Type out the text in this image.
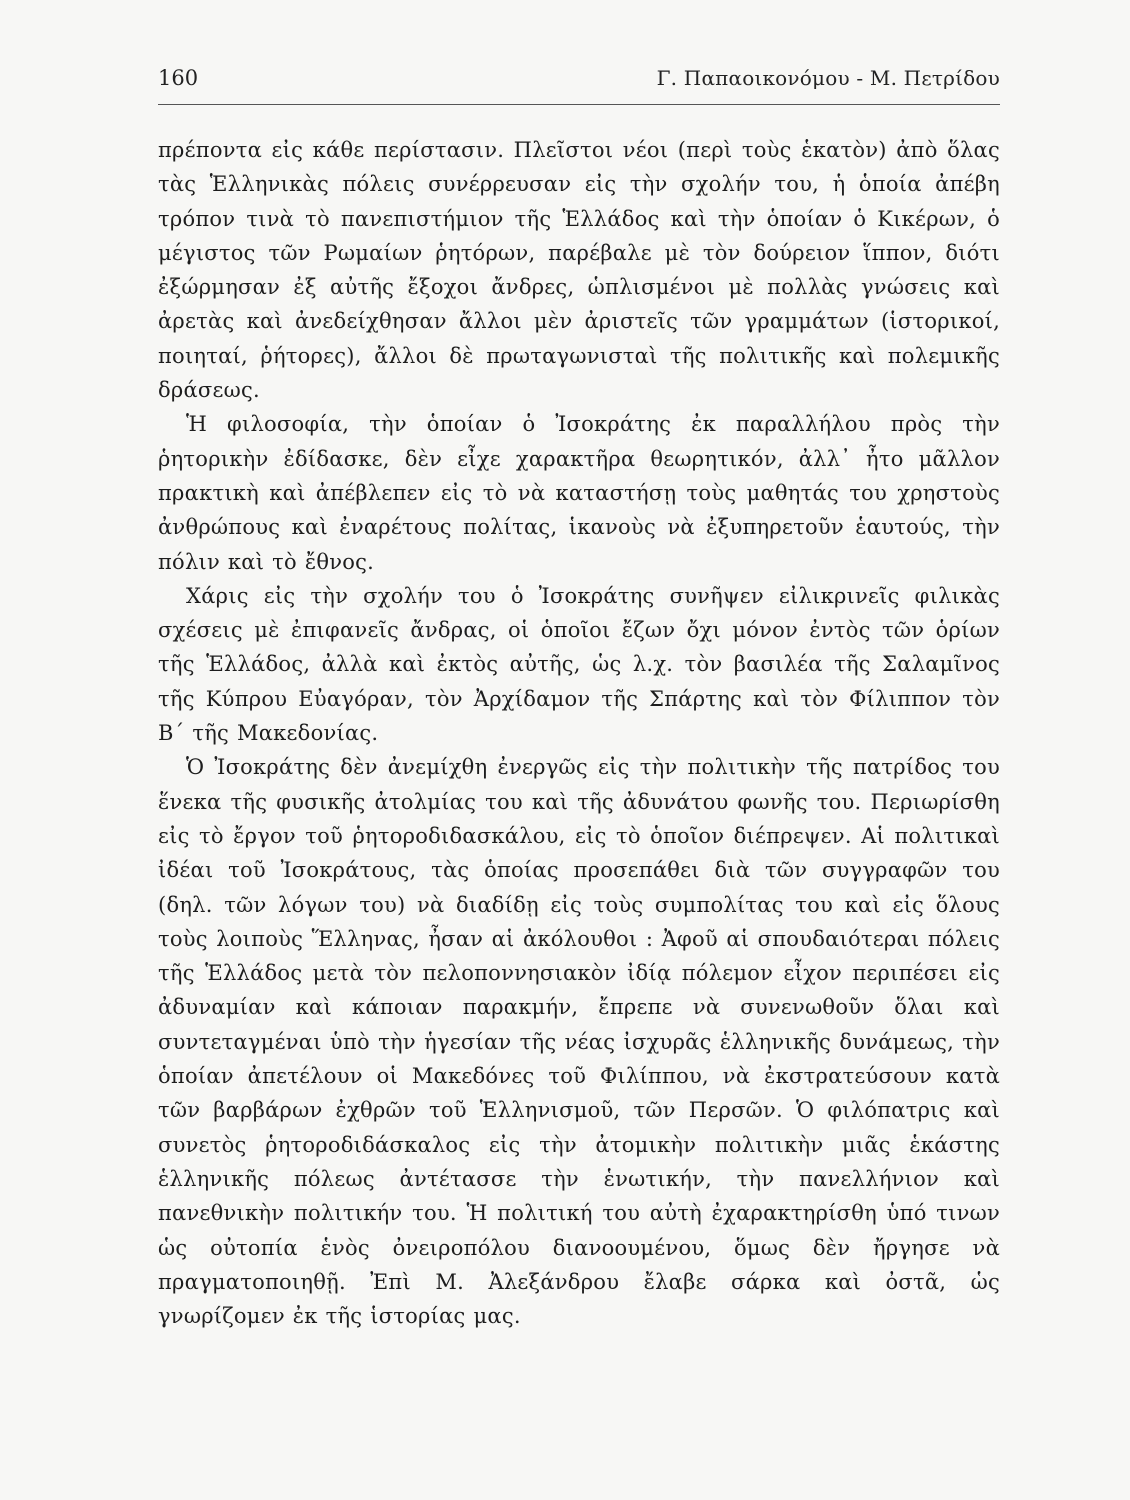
160	Γ. Παπαοικονόμου - Μ. Πετρίδου

πρέποντα εἰς κάθε περίστασιν. Πλεῖστοι νέοι (περὶ τοὺς ἑκατὸν) ἀπὸ ὅλας τὰς Ἑλληνικὰς πόλεις συνέρρευσαν εἰς τὴν σχολήν του, ἡ ὁποία ἀπέβη τρόπον τινὰ τὸ πανεπιστήμιον τῆς Ἑλλάδος καὶ τὴν ὁποίαν ὁ Κικέρων, ὁ μέγιστος τῶν Ρωμαίων ῥητόρων, παρέβαλε μὲ τὸν δούρειον ἵππον, διότι ἐξώρμησαν ἐξ αὐτῆς ἔξοχοι ἄνδρες, ὡπλισμένοι μὲ πολλὰς γνώσεις καὶ ἀρετὰς καὶ ἀνεδείχθησαν ἄλλοι μὲν ἀριστεῖς τῶν γραμμάτων (ἱστορικοί, ποιηταί, ῥήτορες), ἄλλοι δὲ πρωταγωνισταὶ τῆς πολιτικῆς καὶ πολεμικῆς δράσεως.

Ἡ φιλοσοφία, τὴν ὁποίαν ὁ Ἰσοκράτης ἐκ παραλλήλου πρὸς τὴν ῥητορικὴν ἐδίδασκε, δὲν εἶχε χαρακτῆρα θεωρητικόν, ἀλλ᾽ ἦτο μᾶλλον πρακτικὴ καὶ ἀπέβλεπεν εἰς τὸ νὰ καταστήσῃ τοὺς μαθητάς του χρηστοὺς ἀνθρώπους καὶ ἐναρέτους πολίτας, ἱκανοὺς νὰ ἐξυπηρετοῦν ἑαυτούς, τὴν πόλιν καὶ τὸ ἔθνος.

Χάρις εἰς τὴν σχολήν του ὁ Ἰσοκράτης συνῆψεν εἰλικρινεῖς φιλικὰς σχέσεις μὲ ἐπιφανεῖς ἄνδρας, οἱ ὁποῖοι ἔζων ὄχι μόνον ἐντὸς τῶν ὁρίων τῆς Ἑλλάδος, ἀλλὰ καὶ ἐκτὸς αὐτῆς, ὡς λ.χ. τὸν βασιλέα τῆς Σαλαμῖνος τῆς Κύπρου Εὐαγόραν, τὸν Ἀρχίδαμον τῆς Σπάρτης καὶ τὸν Φίλιππον τὸν Β΄ τῆς Μακεδονίας.

Ὁ Ἰσοκράτης δὲν ἀνεμίχθη ἐνεργῶς εἰς τὴν πολιτικὴν τῆς πατρίδος του ἕνεκα τῆς φυσικῆς ἀτολμίας του καὶ τῆς ἀδυνάτου φωνῆς του. Περιωρίσθη εἰς τὸ ἔργον τοῦ ῥητοροδιδασκάλου, εἰς τὸ ὁποῖον διέπρεψεν. Αἱ πολιτικαὶ ἰδέαι τοῦ Ἰσοκράτους, τὰς ὁποίας προσεπάθει διὰ τῶν συγγραφῶν του (δηλ. τῶν λόγων του) νὰ διαδίδῃ εἰς τοὺς συμπολίτας του καὶ εἰς ὅλους τοὺς λοιποὺς Ἕλληνας, ἦσαν αἱ ἀκόλουθοι : Ἀφοῦ αἱ σπουδαιότεραι πόλεις τῆς Ἑλλάδος μετὰ τὸν πελοποννησιακὸν ἰδίᾳ πόλεμον εἶχον περιπέσει εἰς ἀδυναμίαν καὶ κάποιαν παρακμήν, ἔπρεπε νὰ συνενωθοῦν ὅλαι καὶ συντεταγμέναι ὑπὸ τὴν ἡγεσίαν τῆς νέας ἰσχυρᾶς ἑλληνικῆς δυνάμεως, τὴν ὁποίαν ἀπετέλουν οἱ Μακεδόνες τοῦ Φιλίππου, νὰ ἐκστρατεύσουν κατὰ τῶν βαρβάρων ἐχθρῶν τοῦ Ἑλληνισμοῦ, τῶν Περσῶν. Ὁ φιλόπατρις καὶ συνετὸς ῥητοροδιδάσκαλος εἰς τὴν ἀτομικὴν πολιτικὴν μιᾶς ἑκάστης ἑλληνικῆς πόλεως ἀντέτασσε τὴν ἑνωτικήν, τὴν πανελλήνιον καὶ πανεθνικὴν πολιτικήν του. Ἡ πολιτική του αὐτὴ ἐχαρακτηρίσθη ὑπό τινων ὡς οὐτοπία ἑνὸς ὀνειροπόλου διανοουμένου, ὅμως δὲν ἤργησε νὰ πραγματοποιηθῇ. Ἐπὶ Μ. Ἀλεξάνδρου ἔλαβε σάρκα καὶ ὀστᾶ, ὡς γνωρίζομεν ἐκ τῆς ἱστορίας μας.
